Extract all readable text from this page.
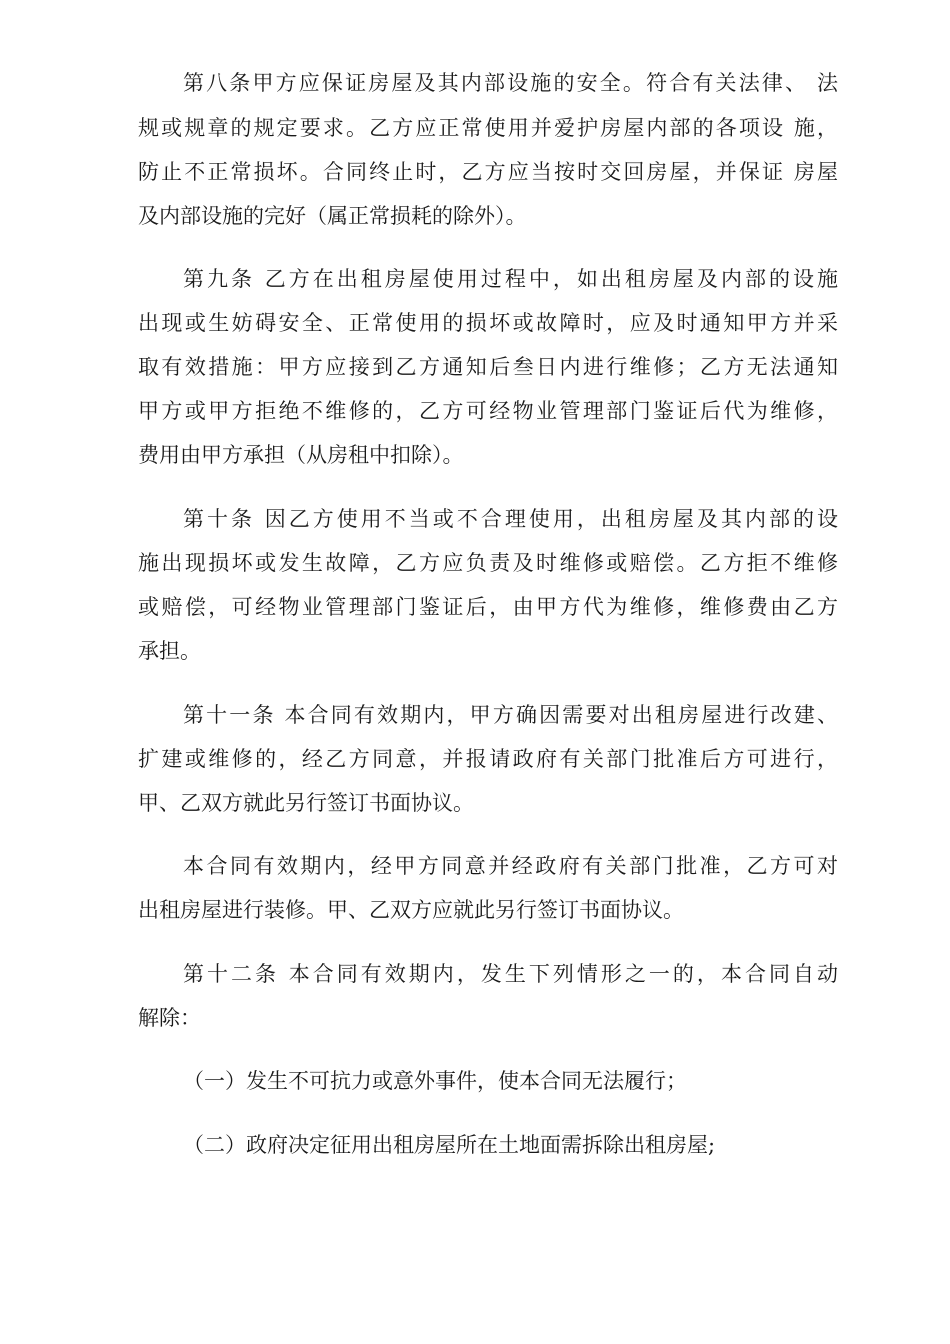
第八条甲方应保证房屋及其内部设施的安全。符合有关法律、 法

规或规章的规定要求。乙方应正常使用并爱护房屋内部的各项设 施，

防止不正常损坏。合同终止时，乙方应当按时交回房屋，并保证 房屋

及内部设施的完好（属正常损耗的除外）。

第九条 乙方在出租房屋使用过程中，如出租房屋及内部的设施

出现或生妨碍安全、正常使用的损坏或故障时，应及时通知甲方并采

取有效措施：甲方应接到乙方通知后叁日内进行维修；乙方无法通知

甲方或甲方拒绝不维修的，乙方可经物业管理部门鉴证后代为维修，

费用由甲方承担（从房租中扣除）。

第十条 因乙方使用不当或不合理使用，出租房屋及其内部的设

施出现损坏或发生故障，乙方应负责及时维修或赔偿。乙方拒不维修

或赔偿，可经物业管理部门鉴证后，由甲方代为维修，维修费由乙方

承担。

第十一条 本合同有效期内，甲方确因需要对出租房屋进行改建、

扩建或维修的，经乙方同意，并报请政府有关部门批准后方可进行，

甲、乙双方就此另行签订书面协议。

本合同有效期内，经甲方同意并经政府有关部门批准，乙方可对

出租房屋进行装修。甲、乙双方应就此另行签订书面协议。

第十二条 本合同有效期内，发生下列情形之一的，本合同自动

解除：

（一）发生不可抗力或意外事件，使本合同无法履行；

（二）政府决定征用出租房屋所在土地面需拆除出租房屋;
